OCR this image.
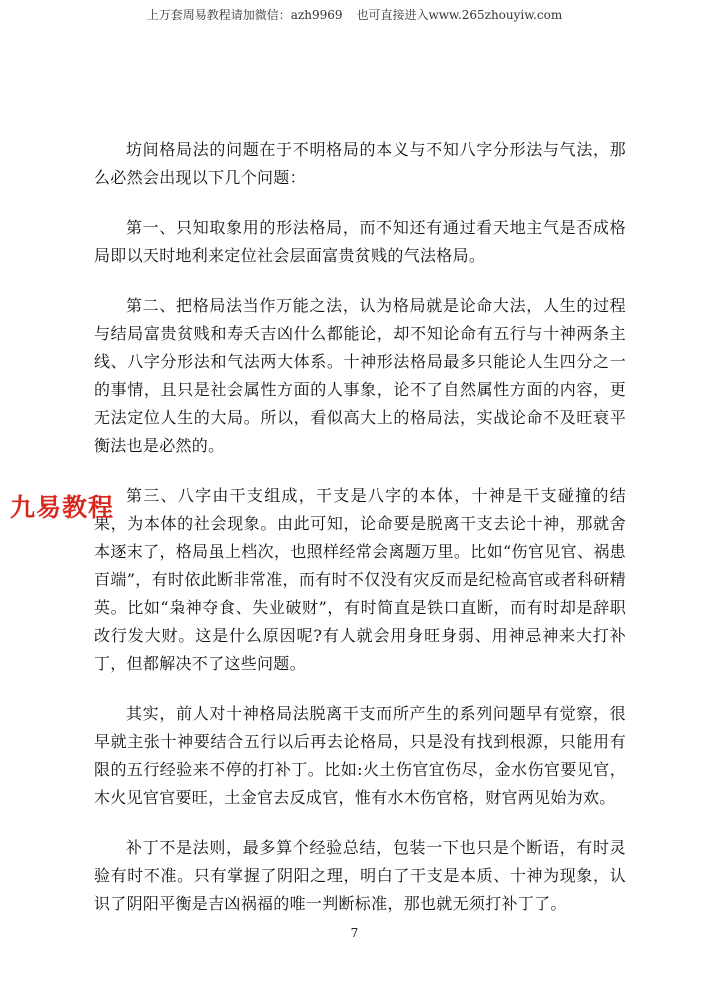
上万套周易教程请加微信：azh9969 也可直接进入www.265zhouyiw.com

坊间格局法的问题在于不明格局的本义与不知八字分形法与气法，那么必然会出现以下几个问题：

第一、只知取象用的形法格局，而不知还有通过看天地主气是否成格局即以天时地利来定位社会层面富贵贫贱的气法格局。

第二、把格局法当作万能之法，认为格局就是论命大法，人生的过程与结局富贵贫贱和寿夭吉凶什么都能论，却不知论命有五行与十神两条主线、八字分形法和气法两大体系。十神形法格局最多只能论人生四分之一的事情，且只是社会属性方面的人事象，论不了自然属性方面的内容，更无法定位人生的大局。所以，看似高大上的格局法，实战论命不及旺衰平衡法也是必然的。

第三、八字由干支组成，干支是八字的本体，十神是干支碰撞的结果，为本体的社会现象。由此可知，论命要是脱离干支去论十神，那就舍本逐末了，格局虽上档次，也照样经常会离题万里。比如“伤官见官、祸患百端”，有时依此断非常准，而有时不仅没有灾反而是纪检高官或者科研精英。比如“枭神夺食、失业破财”，有时简直是铁口直断，而有时却是辞职改行发大财。这是什么原因呢?有人就会用身旺身弱、用神忌神来大打补丁，但都解决不了这些问题。

其实，前人对十神格局法脱离干支而所产生的系列问题早有觉察，很早就主张十神要结合五行以后再去论格局，只是没有找到根源，只能用有限的五行经验来不停的打补丁。比如:火土伤官宜伤尽，金水伤官要见官，木火见官官要旺，土金官去反成官，惟有水木伤官格，财官两见始为欢。

补丁不是法则，最多算个经验总结，包装一下也只是个断语，有时灵验有时不准。只有掌握了阴阳之理，明白了干支是本质、十神为现象，认识了阴阳平衡是吉凶祸福的唯一判断标准，那也就无须打补丁了。

九易教程
7
